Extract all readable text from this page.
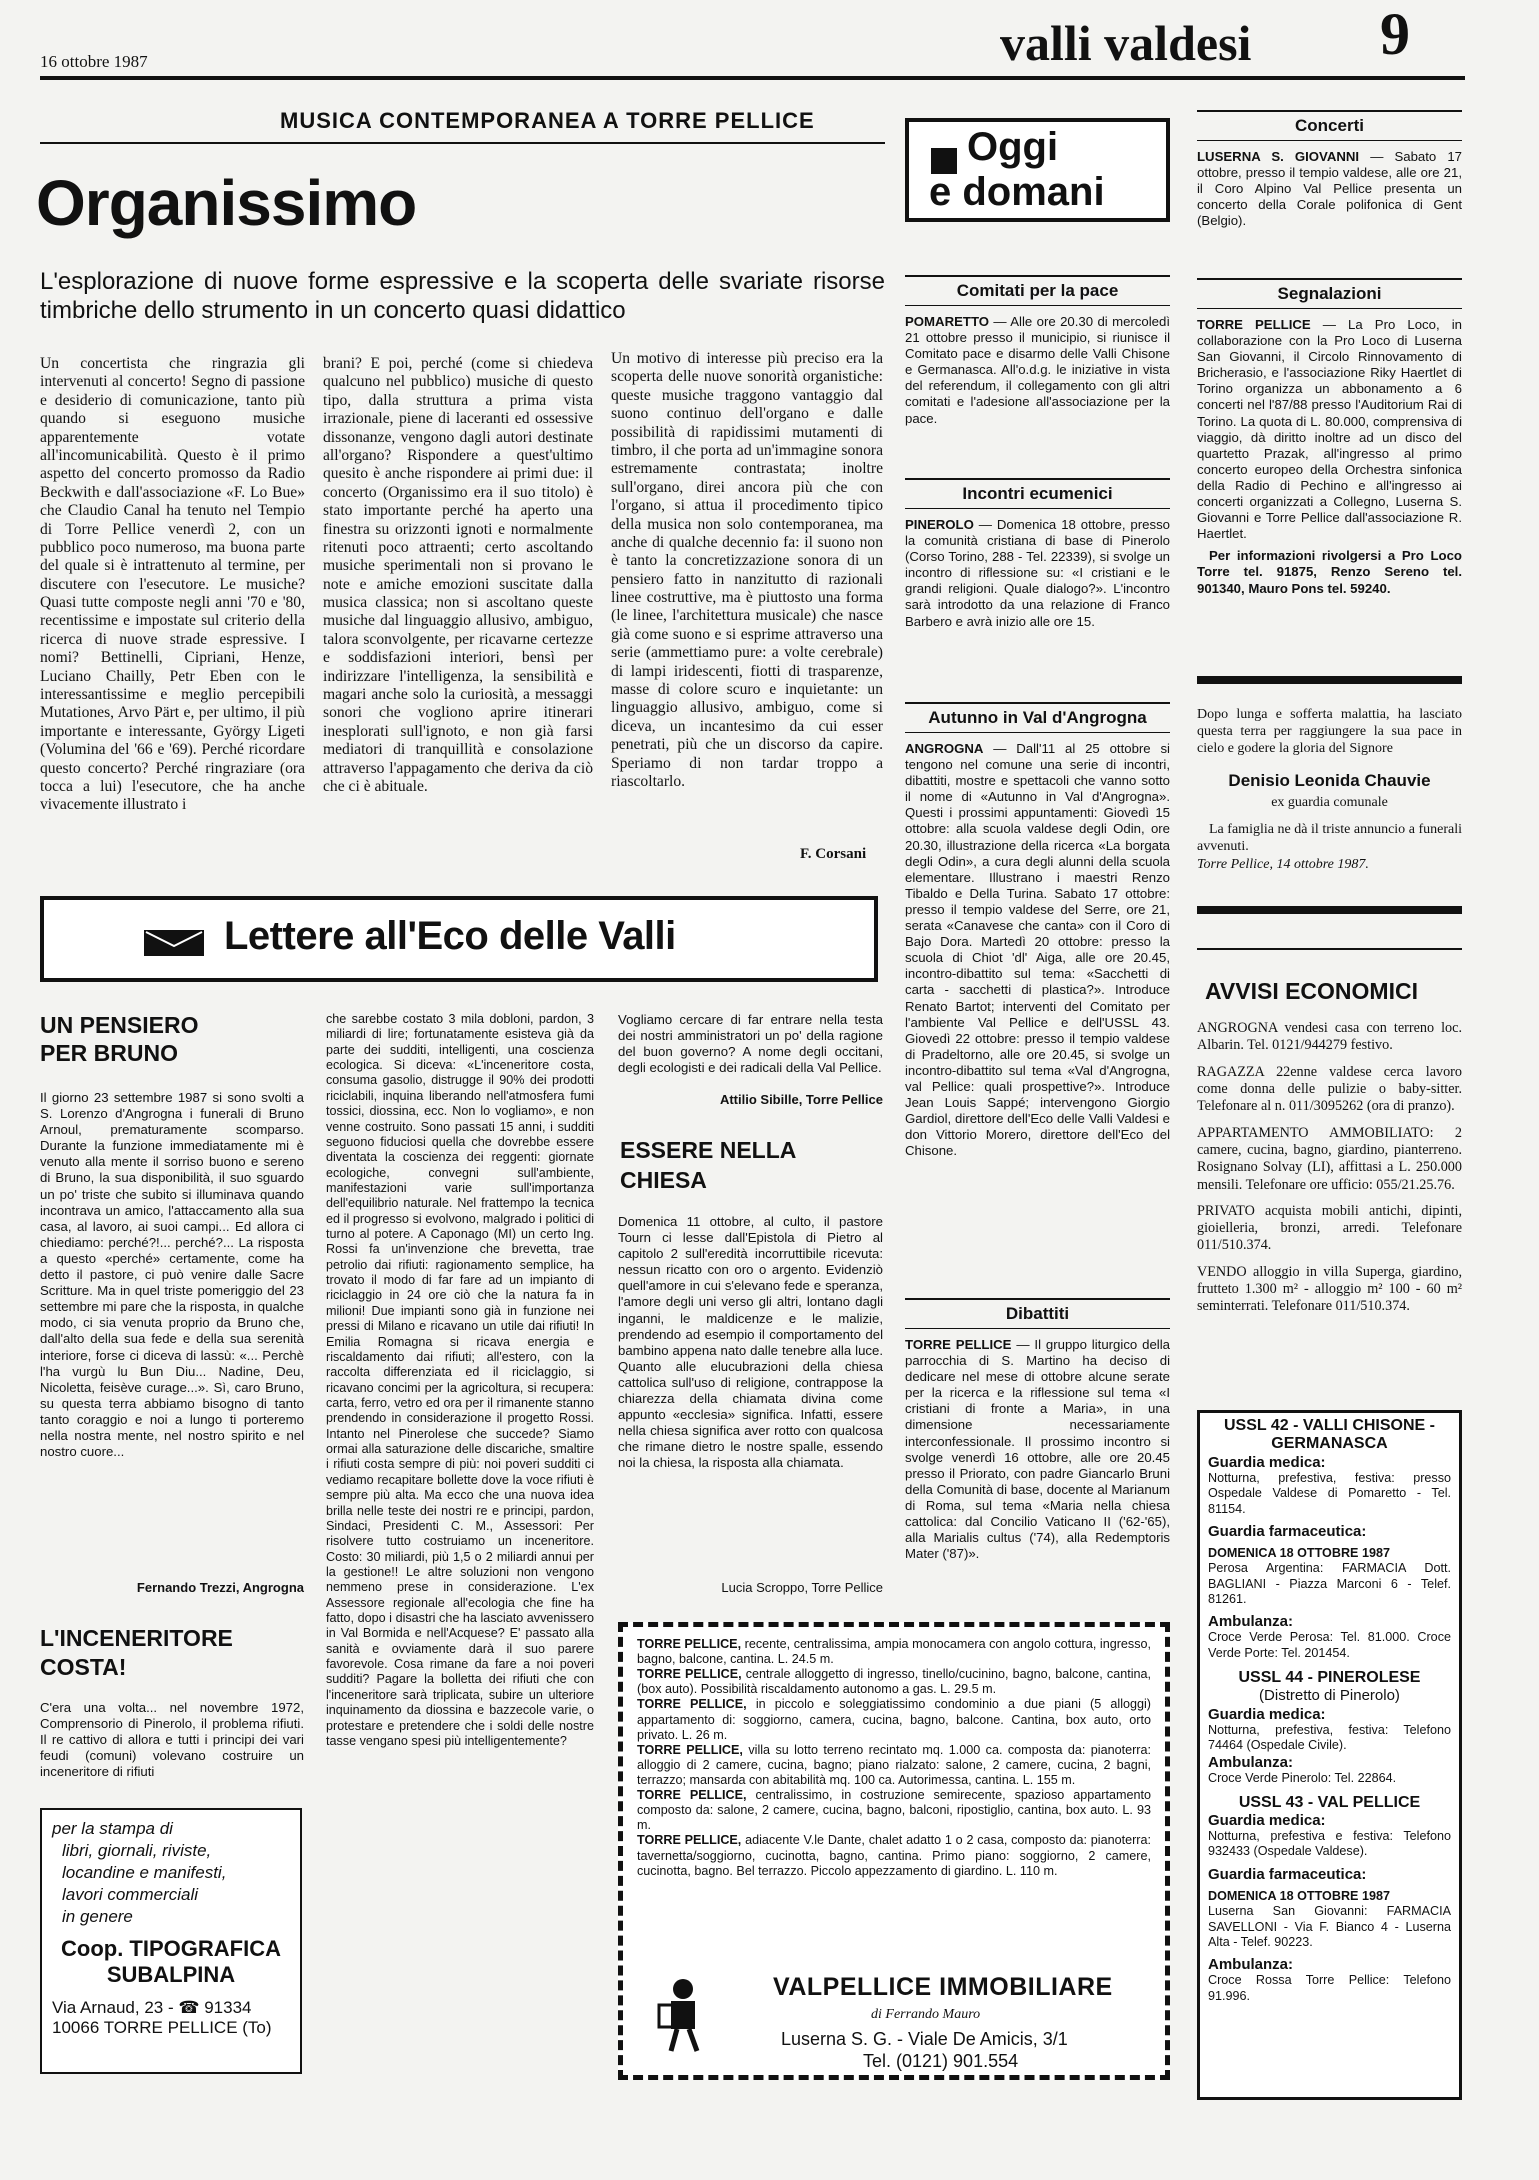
16 ottobre 1987	valli valdesi 9
MUSICA CONTEMPORANEA A TORRE PELLICE
Organissimo
L'esplorazione di nuove forme espressive e la scoperta delle svariate risorse timbriche dello strumento in un concerto quasi didattico
Un concertista che ringrazia gli intervenuti al concerto! Segno di passione e desiderio di comunicazione, tanto più quando si eseguono musiche apparentemente votate all'incomunicabilità. Questo è il primo aspetto del concerto promosso da Radio Beckwith e dall'associazione «F. Lo Bue» che Claudio Canal ha tenuto nel Tempio di Torre Pellice venerdì 2, con un pubblico poco numeroso, ma buona parte del quale si è intrattenuto al termine, per discutere con l'esecutore. Le musiche? Quasi tutte composte negli anni '70 e '80, recentissime e impostate sul criterio della ricerca di nuove strade espressive. I nomi? Bettinelli, Cipriani, Henze, Luciano Chailly, Petr Eben con le interessantissime e meglio percepibili Mutationes, Arvo Pärt e, per ultimo, il più importante e interessante, György Ligeti (Volumina del '66 e '69). Perché ricordare questo concerto? Perché ringraziare (ora tocca a lui) l'esecutore, che ha anche vivacemente illustrato i
brani? E poi, perché (come si chiedeva qualcuno nel pubblico) musiche di questo tipo, dalla struttura a prima vista irrazionale, piene di laceranti ed ossessive dissonanze, vengono dagli autori destinate all'organo? Rispondere a quest'ultimo quesito è anche rispondere ai primi due: il concerto (Organissimo era il suo titolo) è stato importante perché ha aperto una finestra su orizzonti ignoti e normalmente ritenuti poco attraenti; certo ascoltando musiche sperimentali non si provano le note e amiche emozioni suscitate dalla musica classica; non si ascoltano queste musiche dal linguaggio allusivo, ambiguo, talora sconvolgente, per ricavarne certezze e soddisfazioni interiori, bensì per indirizzare l'intelligenza, la sensibilità e magari anche solo la curiosità, a messaggi sonori che vogliono aprire itinerari inesplorati sull'ignoto, e non già farsi mediatori di tranquillità e consolazione attraverso l'appagamento che deriva da ciò che ci è abituale.
Un motivo di interesse più preciso era la scoperta delle nuove sonorità organistiche: queste musiche traggono vantaggio dal suono continuo dell'organo e dalle possibilità di rapidissimi mutamenti di timbro, il che porta ad un'immagine sonora estremamente contrastata; inoltre sull'organo, direi ancora più che con l'organo, si attua il procedimento tipico della musica non solo contemporanea, ma anche di qualche decennio fa: il suono non è tanto la concretizzazione sonora di un pensiero fatto in nanzitutto di razionali linee costruttive, ma è piuttosto una forma (le linee, l'architettura musicale) che nasce già come suono e si esprime attraverso una serie (ammettiamo pure: a volte cerebrale) di lampi iridescenti, fiotti di trasparenze, masse di colore scuro e inquietante: un linguaggio allusivo, ambiguo, come si diceva, un incantesimo da cui esser penetrati, più che un discorso da capire. Speriamo di non tardar troppo a riascoltarlo.
F. Corsani
Oggi
e domani
Comitati per la pace
POMARETTO — Alle ore 20.30 di mercoledì 21 ottobre presso il municipio, si riunisce il Comitato pace e disarmo delle Valli Chisone e Germanasca. All'o.d.g. le iniziative in vista del referendum, il collegamento con gli altri comitati e l'adesione all'associazione per la pace.
Incontri ecumenici
PINEROLO — Domenica 18 ottobre, presso la comunità cristiana di base di Pinerolo (Corso Torino, 288 - Tel. 22339), si svolge un incontro di riflessione su: «I cristiani e le grandi religioni. Quale dialogo?». L'incontro sarà introdotto da una relazione di Franco Barbero e avrà inizio alle ore 15.
Autunno in Val d'Angrogna
ANGROGNA — Dall'11 al 25 ottobre si tengono nel comune una serie di incontri, dibattiti, mostre e spettacoli che vanno sotto il nome di «Autunno in Val d'Angrogna». Questi i prossimi appuntamenti: Giovedì 15 ottobre: alla scuola valdese degli Odin, ore 20.30, illustrazione della ricerca «La borgata degli Odin», a cura degli alunni della scuola elementare. Illustrano i maestri Renzo Tibaldo e Della Turina. Sabato 17 ottobre: presso il tempio valdese del Serre, ore 21, serata «Canavese che canta» con il Coro di Bajo Dora. Martedì 20 ottobre: presso la scuola di Chiot 'dl' Aiga, alle ore 20.45, incontro-dibattito sul tema: «Sacchetti di carta - sacchetti di plastica?». Introduce Renato Bartot; interventi del Comitato per l'ambiente Val Pellice e dell'USSL 43. Giovedì 22 ottobre: presso il tempio valdese di Pradeltorno, alle ore 20.45, si svolge un incontro-dibattito sul tema «Val d'Angrogna, val Pellice: quali prospettive?». Introduce Jean Louis Sappé; intervengono Giorgio Gardiol, direttore dell'Eco delle Valli Valdesi e don Vittorio Morero, direttore dell'Eco del Chisone.
Dibattiti
TORRE PELLICE — Il gruppo liturgico della parrocchia di S. Martino ha deciso di dedicare nel mese di ottobre alcune serate per la ricerca e la riflessione sul tema «I cristiani di fronte a Maria», in una dimensione necessariamente interconfessionale. Il prossimo incontro si svolge venerdì 16 ottobre, alle ore 20.45 presso il Priorato, con padre Giancarlo Bruni della Comunità di base, docente al Marianum di Roma, sul tema «Maria nella chiesa cattolica: dal Concilio Vaticano II ('62-'65), alla Marialis cultus ('74), alla Redemptoris Mater ('87)».
Concerti
LUSERNA S. GIOVANNI — Sabato 17 ottobre, presso il tempio valdese, alle ore 21, il Coro Alpino Val Pellice presenta un concerto della Corale polifonica di Gent (Belgio).
Segnalazioni
TORRE PELLICE — La Pro Loco, in collaborazione con la Pro Loco di Luserna San Giovanni, il Circolo Rinnovamento di Bricherasio, e l'associazione Riky Haertlet di Torino organizza un abbonamento a 6 concerti nel l'87/88 presso l'Auditorium Rai di Torino. La quota di L. 80.000, comprensiva di viaggio, dà diritto inoltre ad un disco del quartetto Prazak, all'ingresso al primo concerto europeo della Orchestra sinfonica della Radio di Pechino e all'ingresso ai concerti organizzati a Collegno, Luserna S. Giovanni e Torre Pellice dall'associazione R. Haertlet.
Per informazioni rivolgersi a Pro Loco Torre tel. 91875, Renzo Sereno tel. 901340, Mauro Pons tel. 59240.
Dopo lunga e sofferta malattia, ha lasciato questa terra per raggiungere la sua pace in cielo e godere la gloria del Signore
Denisio Leonida Chauvie
ex guardia comunale
La famiglia ne dà il triste annuncio a funerali avvenuti.
Torre Pellice, 14 ottobre 1987.
AVVISI ECONOMICI
ANGROGNA vendesi casa con terreno loc. Albarin. Tel. 0121/944279 festivo.
RAGAZZA 22enne valdese cerca lavoro come donna delle pulizie o baby-sitter. Telefonare al n. 011/3095262 (ora di pranzo).
APPARTAMENTO AMMOBILIATO: 2 camere, cucina, bagno, giardino, pianterreno. Rosignano Solvay (LI), affittasi a L. 250.000 mensili. Telefonare ore ufficio: 055/21.25.76.
PRIVATO acquista mobili antichi, dipinti, gioielleria, bronzi, arredi. Telefonare 011/510.374.
VENDO alloggio in villa Superga, giardino, frutteto 1.300 m² - alloggio m² 100 - 60 m² seminterrati. Telefonare 011/510.374.
USSL 42 - VALLI CHISONE - GERMANASCA
Guardia medica:
Notturna, prefestiva, festiva: presso Ospedale Valdese di Pomaretto - Tel. 81154.
Guardia farmaceutica:
DOMENICA 18 OTTOBRE 1987
Perosa Argentina: FARMACIA Dott. BAGLIANI - Piazza Marconi 6 - Telef. 81261.
Ambulanza:
Croce Verde Perosa: Tel. 81.000. Croce Verde Porte: Tel. 201454.
USSL 44 - PINEROLESE
(Distretto di Pinerolo)
Guardia medica:
Notturna, prefestiva, festiva: Telefono 74464 (Ospedale Civile).
Ambulanza:
Croce Verde Pinerolo: Tel. 22864.
USSL 43 - VAL PELLICE
Guardia medica:
Notturna, prefestiva e festiva: Telefono 932433 (Ospedale Valdese).
Guardia farmaceutica:
DOMENICA 18 OTTOBRE 1987
Luserna San Giovanni: FARMACIA SAVELLONI - Via F. Bianco 4 - Luserna Alta - Telef. 90223.
Ambulanza:
Croce Rossa Torre Pellice: Telefono 91.996.
Lettere all'Eco delle Valli
UN PENSIERO PER BRUNO
Il giorno 23 settembre 1987 si sono svolti a S. Lorenzo d'Angrogna i funerali di Bruno Arnoul, prematuramente scomparso. Durante la funzione immediatamente mi è venuto alla mente il sorriso buono e sereno di Bruno, la sua disponibilità, il suo sguardo un po' triste che subito si illuminava quando incontrava un amico, l'attaccamento alla sua casa, al lavoro, ai suoi campi... Ed allora ci chiediamo: perché?!... perché?... La risposta a questo «perché» certamente, come ha detto il pastore, ci può venire dalle Sacre Scritture. Ma in quel triste pomeriggio del 23 settembre mi pare che la risposta, in qualche modo, ci sia venuta proprio da Bruno che, dall'alto della sua fede e della sua serenità interiore, forse ci diceva di lassù: «... Perchè l'ha vurgù lu Bun Diu... Nadine, Deu, Nicoletta, feisève curage...». Sì, caro Bruno, su questa terra abbiamo bisogno di tanto tanto coraggio e noi a lungo ti porteremo nella nostra mente, nel nostro spirito e nel nostro cuore...
Fernando Trezzi, Angrogna
L'INCENERITORE COSTA!
C'era una volta... nel novembre 1972, Comprensorio di Pinerolo, il problema rifiuti. Il re cattivo di allora e tutti i principi dei vari feudi (comuni) volevano costruire un inceneritore di rifiuti
per la stampa di
libri, giornali, riviste,
locandine e manifesti,
lavori commerciali
in genere
Coop. TIPOGRAFICA
SUBALPINA
Via Arnaud, 23 - ☎ 91334
10066 TORRE PELLICE (To)
che sarebbe costato 3 mila dobloni, pardon, 3 miliardi di lire; fortunatamente esisteva già da parte dei sudditi, intelligenti, una coscienza ecologica. Si diceva: «L'inceneritore costa, consuma gasolio, distrugge il 90% dei prodotti riciclabili, inquina liberando nell'atmosfera fumi tossici, diossina, ecc. Non lo vogliamo», e non venne costruito. Sono passati 15 anni, i sudditi seguono fiduciosi quella che dovrebbe essere diventata la coscienza dei reggenti: giornate ecologiche, convegni sull'ambiente, manifestazioni varie sull'importanza dell'equilibrio naturale. Nel frattempo la tecnica ed il progresso si evolvono, malgrado i politici di turno al potere. A Caponago (MI) un certo Ing. Rossi fa un'invenzione che brevetta, trae petrolio dai rifiuti: ragionamento semplice, ha trovato il modo di far fare ad un impianto di riciclaggio in 24 ore ciò che la natura fa in milioni! Due impianti sono già in funzione nei pressi di Milano e ricavano un utile dai rifiuti! In Emilia Romagna si ricava energia e riscaldamento dai rifiuti; all'estero, con la raccolta differenziata ed il riciclaggio, si ricavano concimi per la agricoltura, si recupera: carta, ferro, vetro ed ora per il rimanente stanno prendendo in considerazione il progetto Rossi. Intanto nel Pinerolese che succede? Siamo ormai alla saturazione delle discariche, smaltire i rifiuti costa sempre di più: noi poveri sudditi ci vediamo recapitare bollette dove la voce rifiuti è sempre più alta. Ma ecco che una nuova idea brilla nelle teste dei nostri re e principi, pardon, Sindaci, Presidenti C. M., Assessori: Per risolvere tutto costruiamo un inceneritore. Costo: 30 miliardi, più 1,5 o 2 miliardi annui per la gestione!! Le altre soluzioni non vengono nemmeno prese in considerazione. L'ex Assessore regionale all'ecologia che fine ha fatto, dopo i disastri che ha lasciato avvenissero in Val Bormida e nell'Acquese? E' passato alla sanità e ovviamente darà il suo parere favorevole. Cosa rimane da fare a noi poveri sudditi? Pagare la bolletta dei rifiuti che con l'inceneritore sarà triplicata, subire un ulteriore inquinamento da diossina e bazzecole varie, o protestare e pretendere che i soldi delle nostre tasse vengano spesi più intelligentemente?
Vogliamo cercare di far entrare nella testa dei nostri amministratori un po' della ragione del buon governo? A nome degli occitani, degli ecologisti e dei radicali della Val Pellice.
Attilio Sibille, Torre Pellice
ESSERE NELLA CHIESA
Domenica 11 ottobre, al culto, il pastore Tourn ci lesse dall'Epistola di Pietro al capitolo 2 sull'eredità incorruttibile ricevuta: nessun ricatto con oro o argento. Evidenziò quell'amore in cui s'elevano fede e speranza, l'amore degli uni verso gli altri, lontano dagli inganni, le maldicenze e le malizie, prendendo ad esempio il comportamento del bambino appena nato dalle tenebre alla luce. Quanto alle elucubrazioni della chiesa cattolica sull'uso di religione, contrappose la chiarezza della chiamata divina come appunto «ecclesia» significa. Infatti, essere nella chiesa significa aver rotto con qualcosa che rimane dietro le nostre spalle, essendo noi la chiesa, la risposta alla chiamata.
Lucia Scroppo, Torre Pellice
TORRE PELLICE, recente, centralissima, ampia monocamera con angolo cottura, ingresso, bagno, balcone, cantina. L. 24.5 m.
TORRE PELLICE, centrale alloggetto di ingresso, tinello/cucinino, bagno, balcone, cantina, (box auto). Possibilità riscaldamento autonomo a gas. L. 29.5 m.
TORRE PELLICE, in piccolo e soleggiatissimo condominio a due piani (5 alloggi) appartamento di: soggiorno, camera, cucina, bagno, balcone. Cantina, box auto, orto privato. L. 26 m.
TORRE PELLICE, villa su lotto terreno recintato mq. 1.000 ca. composta da: pianoterra: alloggio di 2 camere, cucina, bagno; piano rialzato: salone, 2 camere, cucina, 2 bagni, terrazzo; mansarda con abitabilità mq. 100 ca. Autorimessa, cantina. L. 155 m.
TORRE PELLICE, centralissimo, in costruzione semirecente, spazioso appartamento composto da: salone, 2 camere, cucina, bagno, balconi, ripostiglio, cantina, box auto. L. 93 m.
TORRE PELLICE, adiacente V.le Dante, chalet adatto 1 o 2 casa, composto da: pianoterra: tavernetta/soggiorno, cucinotta, bagno, cantina. Primo piano: soggiorno, 2 camere, cucinotta, bagno. Bel terrazzo. Piccolo appezzamento di giardino. L. 110 m.
VALPELLICE IMMOBILIARE
di Ferrando Mauro
Luserna S. G. - Viale De Amicis, 3/1
Tel. (0121) 901.554
